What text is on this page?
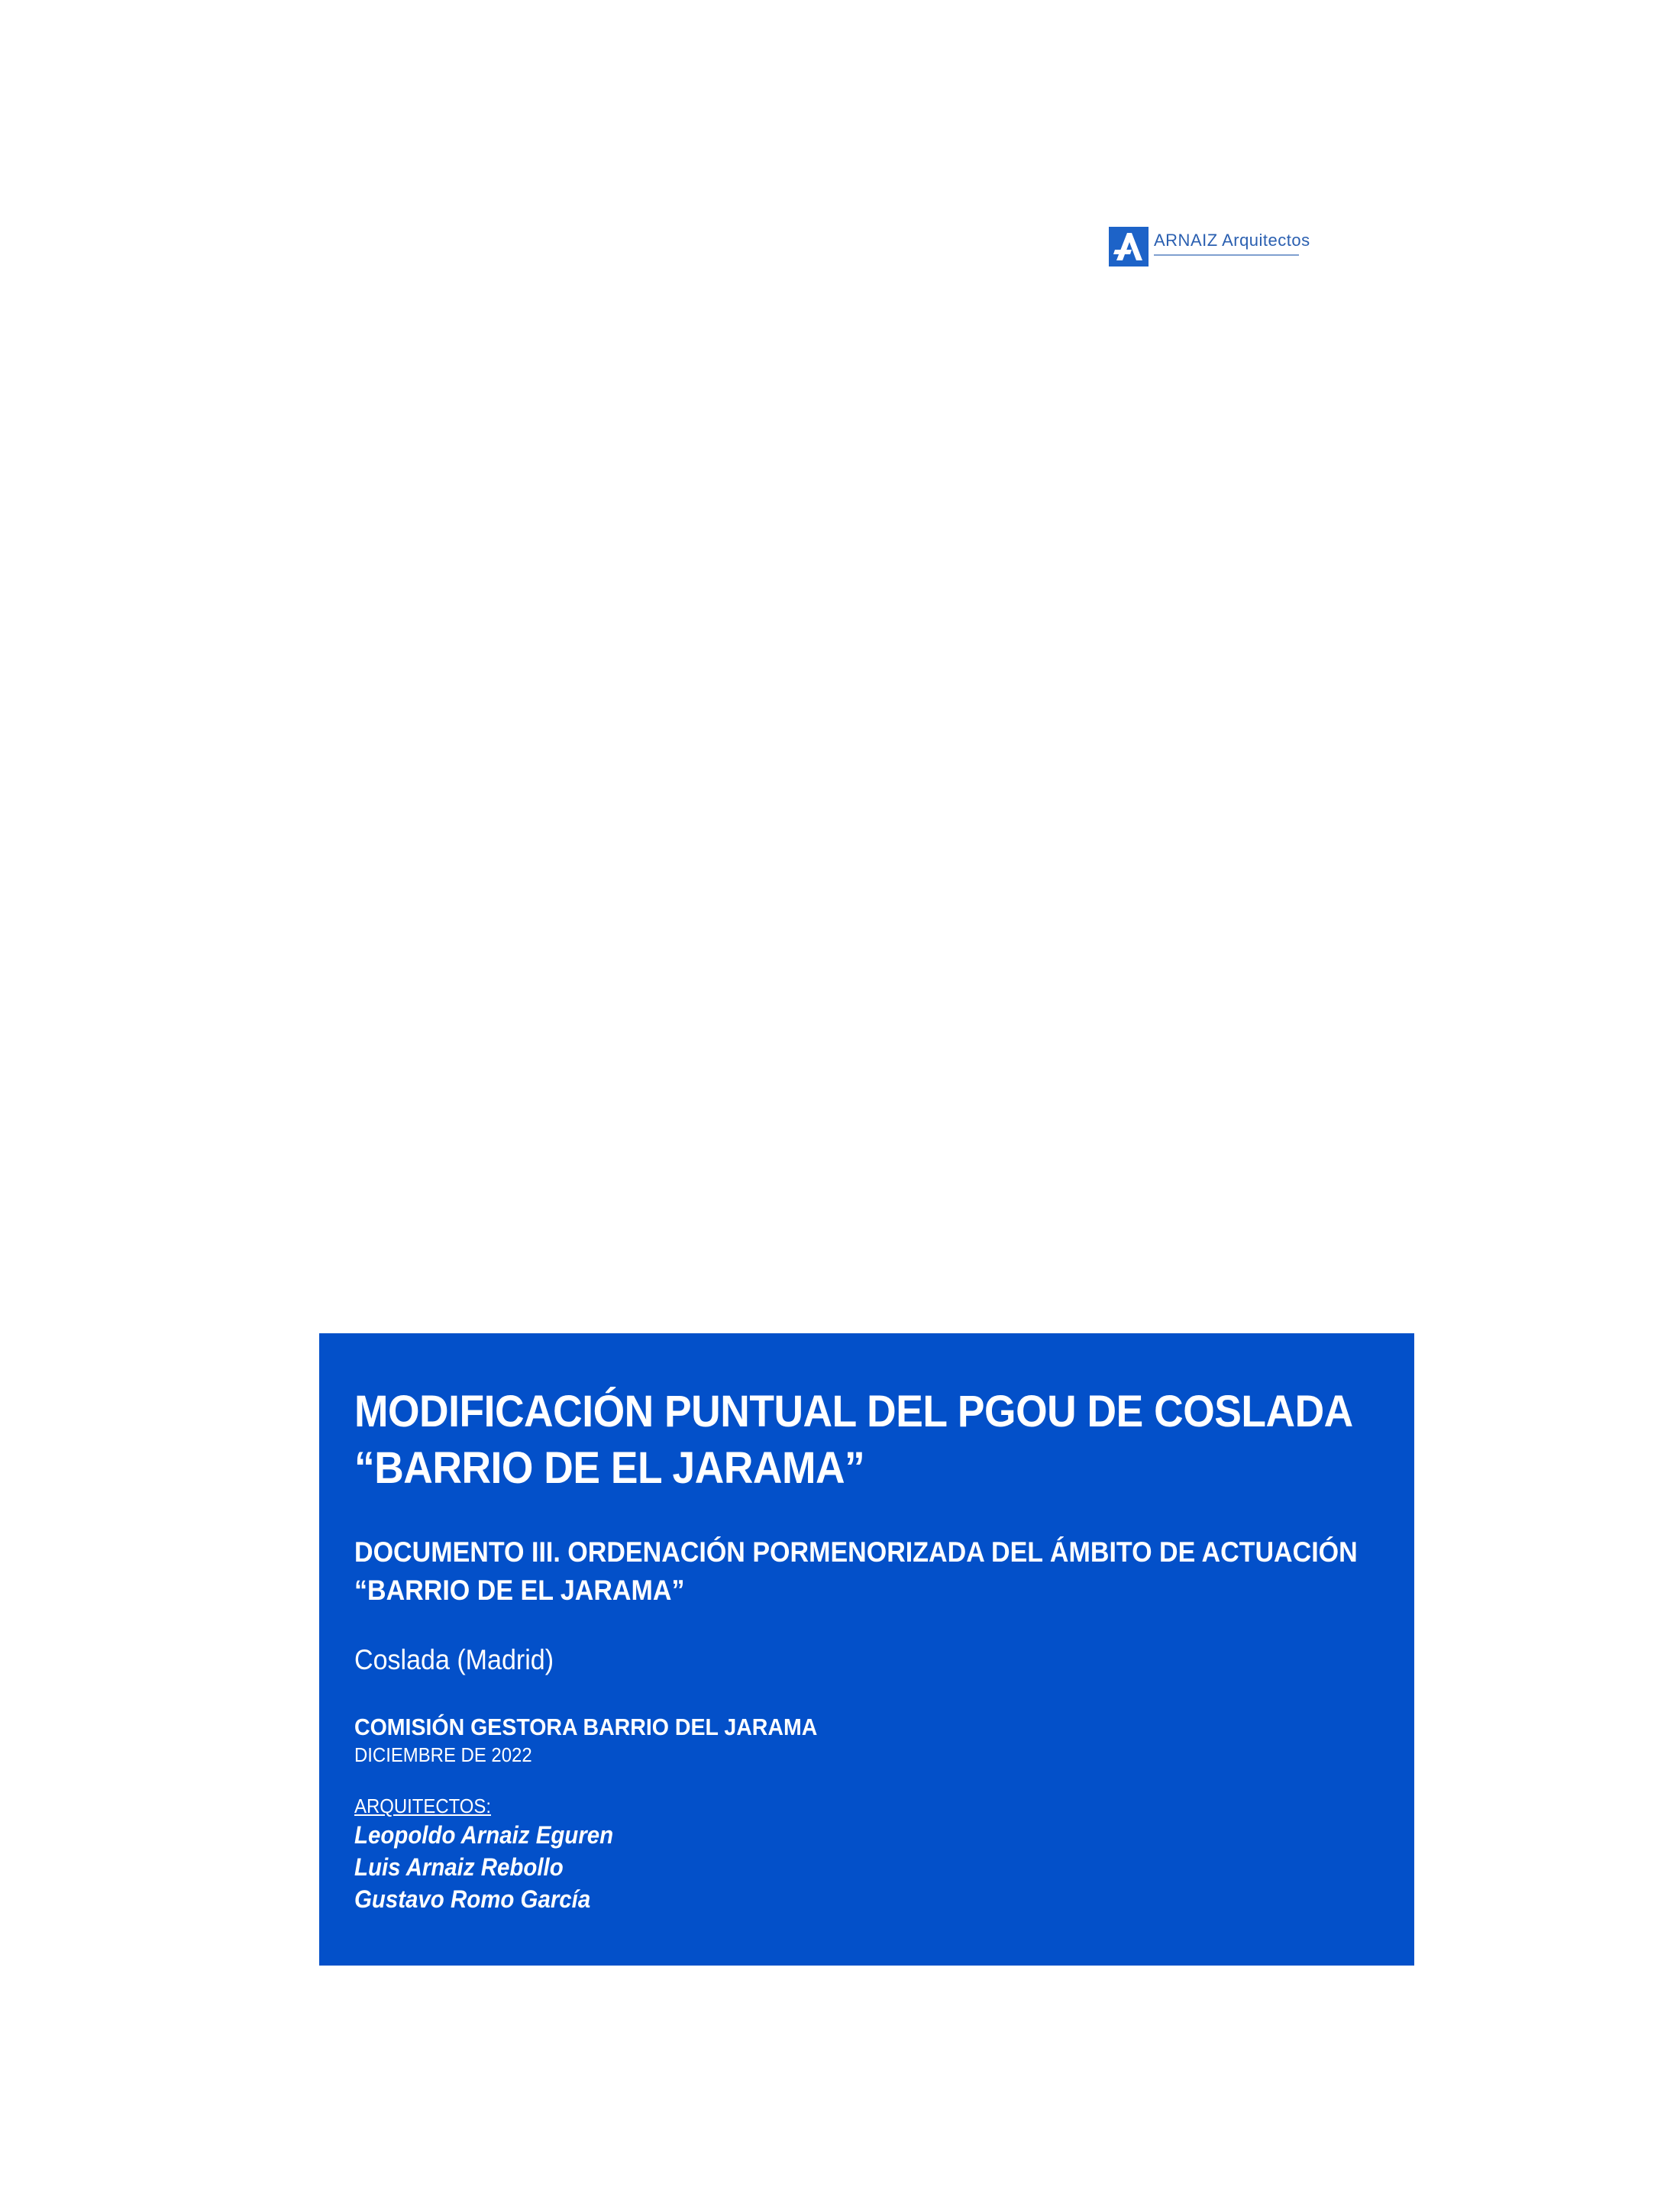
ARNAIZ Arquitectos
MODIFICACIÓN PUNTUAL DEL PGOU DE COSLADA
“BARRIO DE EL JARAMA”
DOCUMENTO III. ORDENACIÓN PORMENORIZADA DEL ÁMBITO DE ACTUACIÓN
“BARRIO DE EL JARAMA”

Coslada (Madrid)

COMISIÓN GESTORA BARRIO DEL JARAMA

DICIEMBRE DE 2022

ARQUITECTOS:

Leopoldo Arnaiz Eguren
Luis Arnaiz Rebollo
Gustavo Romo García
